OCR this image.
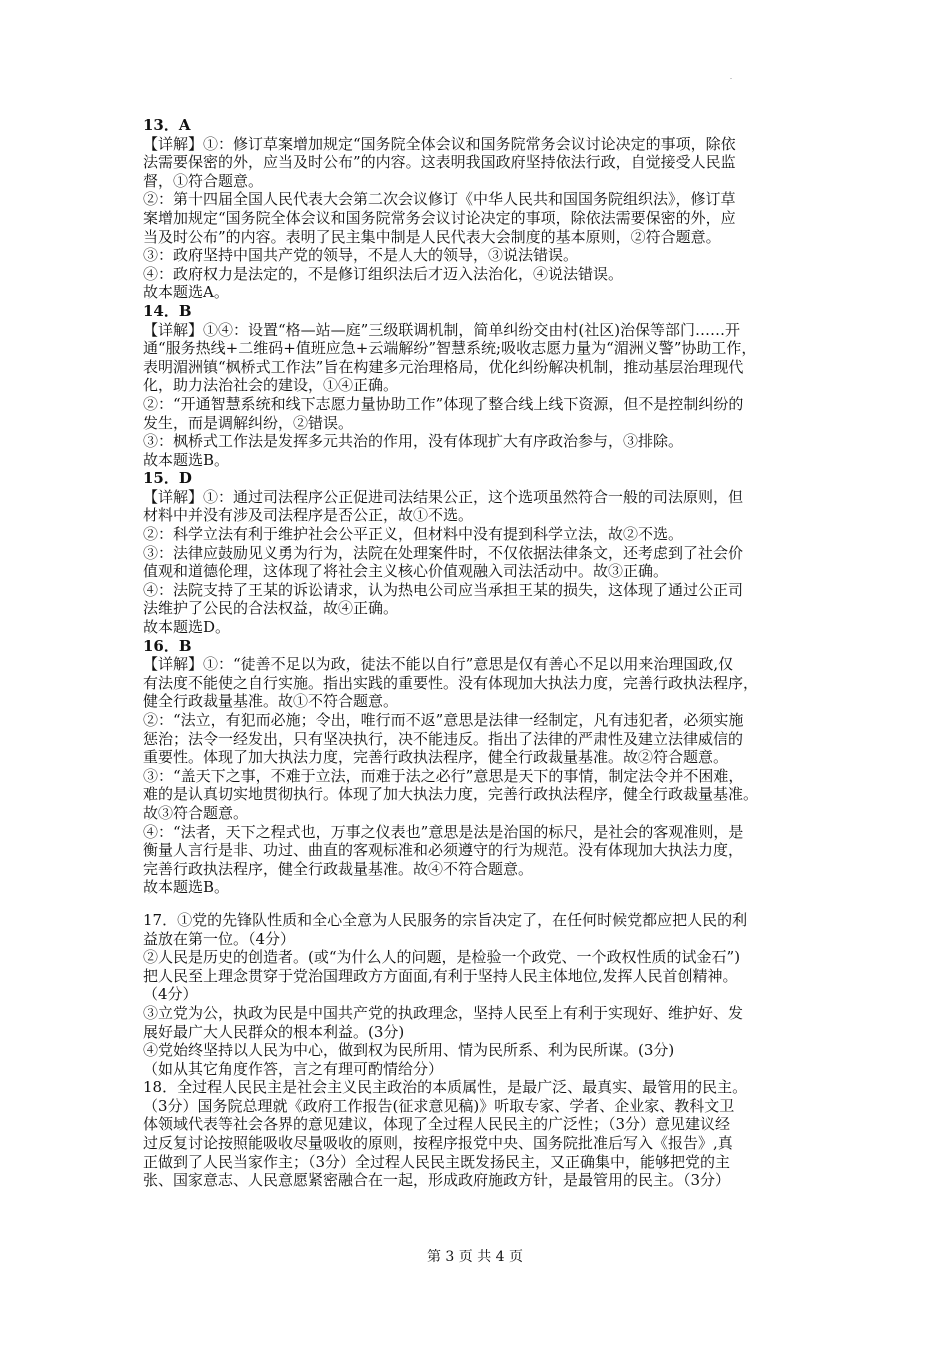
13．A
【详解】①：修订草案增加规定“国务院全体会议和国务院常务会议讨论决定的事项，除依
法需要保密的外，应当及时公布”的内容。这表明我国政府坚持依法行政，自觉接受人民监
督，①符合题意。
②：第十四届全国人民代表大会第二次会议修订《中华人民共和国国务院组织法》，修订草
案增加规定“国务院全体会议和国务院常务会议讨论决定的事项，除依法需要保密的外，应
当及时公布”的内容。表明了民主集中制是人民代表大会制度的基本原则，②符合题意。
③：政府坚持中国共产党的领导，不是人大的领导，③说法错误。
④：政府权力是法定的，不是修订组织法后才迈入法治化，④说法错误。
故本题选A。
14．B
【详解】①④：设置“格—站—庭”三级联调机制，简单纠纷交由村(社区)治保等部门……开
通“服务热线+二维码+值班应急+云端解纷”智慧系统;吸收志愿力量为“湄洲义警”协助工作，
表明湄洲镇“枫桥式工作法”旨在构建多元治理格局，优化纠纷解决机制，推动基层治理现代
化，助力法治社会的建设，①④正确。
②：“开通智慧系统和线下志愿力量协助工作”体现了整合线上线下资源，但不是控制纠纷的
发生，而是调解纠纷，②错误。
③：枫桥式工作法是发挥多元共治的作用，没有体现扩大有序政治参与，③排除。
故本题选B。
15．D
【详解】①：通过司法程序公正促进司法结果公正，这个选项虽然符合一般的司法原则，但
材料中并没有涉及司法程序是否公正，故①不选。
②：科学立法有利于维护社会公平正义，但材料中没有提到科学立法，故②不选。
③：法律应鼓励见义勇为行为，法院在处理案件时，不仅依据法律条文，还考虑到了社会价
值观和道德伦理，这体现了将社会主义核心价值观融入司法活动中。故③正确。
④：法院支持了王某的诉讼请求，认为热电公司应当承担王某的损失，这体现了通过公正司
法维护了公民的合法权益，故④正确。
故本题选D。
16．B
【详解】①：“徒善不足以为政，徒法不能以自行”意思是仅有善心不足以用来治理国政,仅
有法度不能使之自行实施。指出实践的重要性。没有体现加大执法力度，完善行政执法程序，
健全行政裁量基准。故①不符合题意。
②：“法立，有犯而必施；令出，唯行而不返”意思是法律一经制定，凡有违犯者，必须实施
惩治；法令一经发出，只有坚决执行，决不能违反。指出了法律的严肃性及建立法律威信的
重要性。体现了加大执法力度，完善行政执法程序，健全行政裁量基准。故②符合题意。
③：“盖天下之事，不难于立法，而难于法之必行”意思是天下的事情，制定法令并不困难，
难的是认真切实地贯彻执行。体现了加大执法力度，完善行政执法程序，健全行政裁量基准。
故③符合题意。
④：“法者，天下之程式也，万事之仪表也”意思是法是治国的标尺，是社会的客观准则，是
衡量人言行是非、功过、曲直的客观标准和必须遵守的行为规范。没有体现加大执法力度，
完善行政执法程序，健全行政裁量基准。故④不符合题意。
故本题选B。
17．①党的先锋队性质和全心全意为人民服务的宗旨决定了，在任何时候党都应把人民的利
益放在第一位。（4分）
②人民是历史的创造者。(或“为什么人的问题，是检验一个政党、一个政权性质的试金石”)
把人民至上理念贯穿于党治国理政方方面面,有利于坚持人民主体地位,发挥人民首创精神。
（4分）
③立党为公，执政为民是中国共产党的执政理念，坚持人民至上有利于实现好、维护好、发
展好最广大人民群众的根本利益。(3分)
④党始终坚持以人民为中心，做到权为民所用、情为民所系、利为民所谋。(3分)
（如从其它角度作答，言之有理可酌情给分）
18．全过程人民民主是社会主义民主政治的本质属性，是最广泛、最真实、最管用的民主。
（3分）国务院总理就《政府工作报告(征求意见稿)》听取专家、学者、企业家、教科文卫
体领域代表等社会各界的意见建议，体现了全过程人民民主的广泛性；（3分）意见建议经
过反复讨论按照能吸收尽量吸收的原则，按程序报党中央、国务院批准后写入《报告》,真
正做到了人民当家作主；（3分）全过程人民民主既发扬民主，又正确集中，能够把党的主
张、国家意志、人民意愿紧密融合在一起，形成政府施政方针，是最管用的民主。（3分）
第 3 页 共 4 页
